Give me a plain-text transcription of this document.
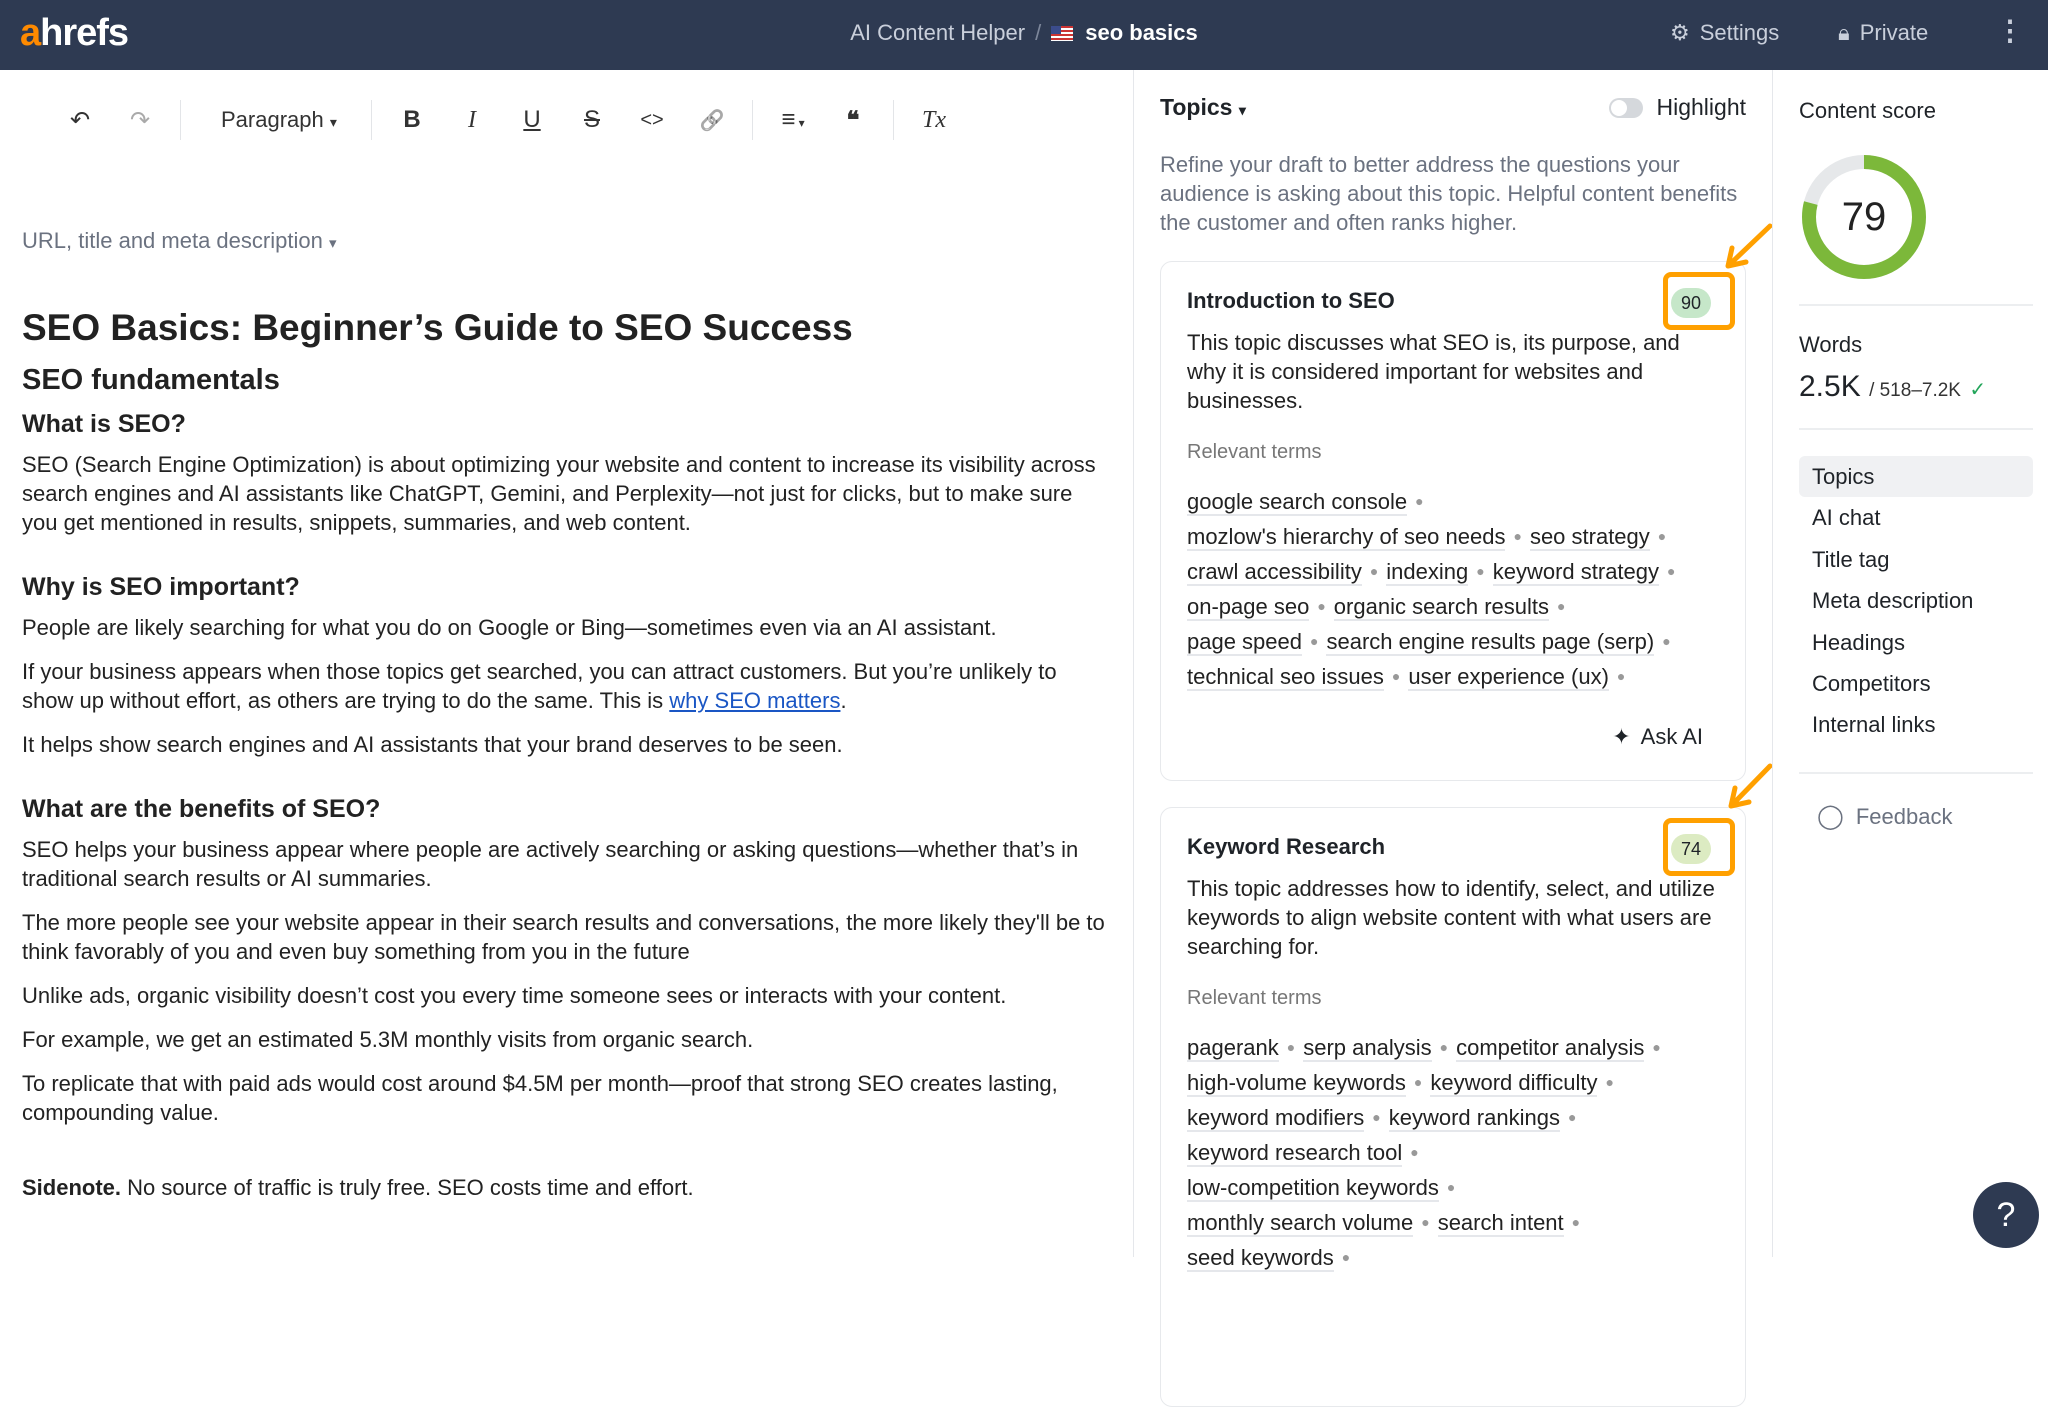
ahrefs	AI Content Helper / seo basics	⚙ Settings	🔒︎ Private ⋮
↶	↷	Paragraph ▾	B	I	U	S	<>	🔗	≡ ▾	❝	Tx
URL, title and meta description ▾
SEO Basics: Beginner’s Guide to SEO Success
SEO fundamentals
What is SEO?

SEO (Search Engine Optimization) is about optimizing your website and content to increase its visibility across search engines and AI assistants like ChatGPT, Gemini, and Perplexity—not just for clicks, but to make sure you get mentioned in results, snippets, summaries, and web content.

Why is SEO important?

People are likely searching for what you do on Google or Bing—sometimes even via an AI assistant.

If your business appears when those topics get searched, you can attract customers. But you’re unlikely to show up without effort, as others are trying to do the same. This is why SEO matters.

It helps show search engines and AI assistants that your brand deserves to be seen.

What are the benefits of SEO?

SEO helps your business appear where people are actively searching or asking questions—whether that’s in traditional search results or AI summaries.

The more people see your website appear in their search results and conversations, the more likely they'll be to think favorably of you and even buy something from you in the future

Unlike ads, organic visibility doesn’t cost you every time someone sees or interacts with your content.

For example, we get an estimated 5.3M monthly visits from organic search.

To replicate that with paid ads would cost around $4.5M per month—proof that strong SEO creates lasting, compounding value.

Sidenote. No source of traffic is truly free. SEO costs time and effort.

Topics ▾	Highlight
Refine your draft to better address the questions your audience is asking about this topic. Helpful content benefits the customer and often ranks higher.
Introduction to SEO	90
This topic discusses what SEO is, its purpose, and why it is considered important for websites and businesses.
Relevant terms
google search console ●
mozlow's hierarchy of seo needs ● seo strategy ●
crawl accessibility ● indexing ● keyword strategy ●
on-page seo ● organic search results ●
page speed ● search engine results page (serp) ●
technical seo issues ● user experience (ux) ●
✦ Ask AI
Keyword Research	74
This topic addresses how to identify, select, and utilize keywords to align website content with what users are searching for.
Relevant terms
pagerank ● serp analysis ● competitor analysis ●
high-volume keywords ● keyword difficulty ●
keyword modifiers ● keyword rankings ●
keyword research tool ●
low-competition keywords ●
monthly search volume ● search intent ●
seed keywords ●
Content score
79
Words
2.5K / 518–7.2K ✓
Topics
AI chat
Title tag
Meta description
Headings
Competitors
Internal links
◯ Feedback
?
